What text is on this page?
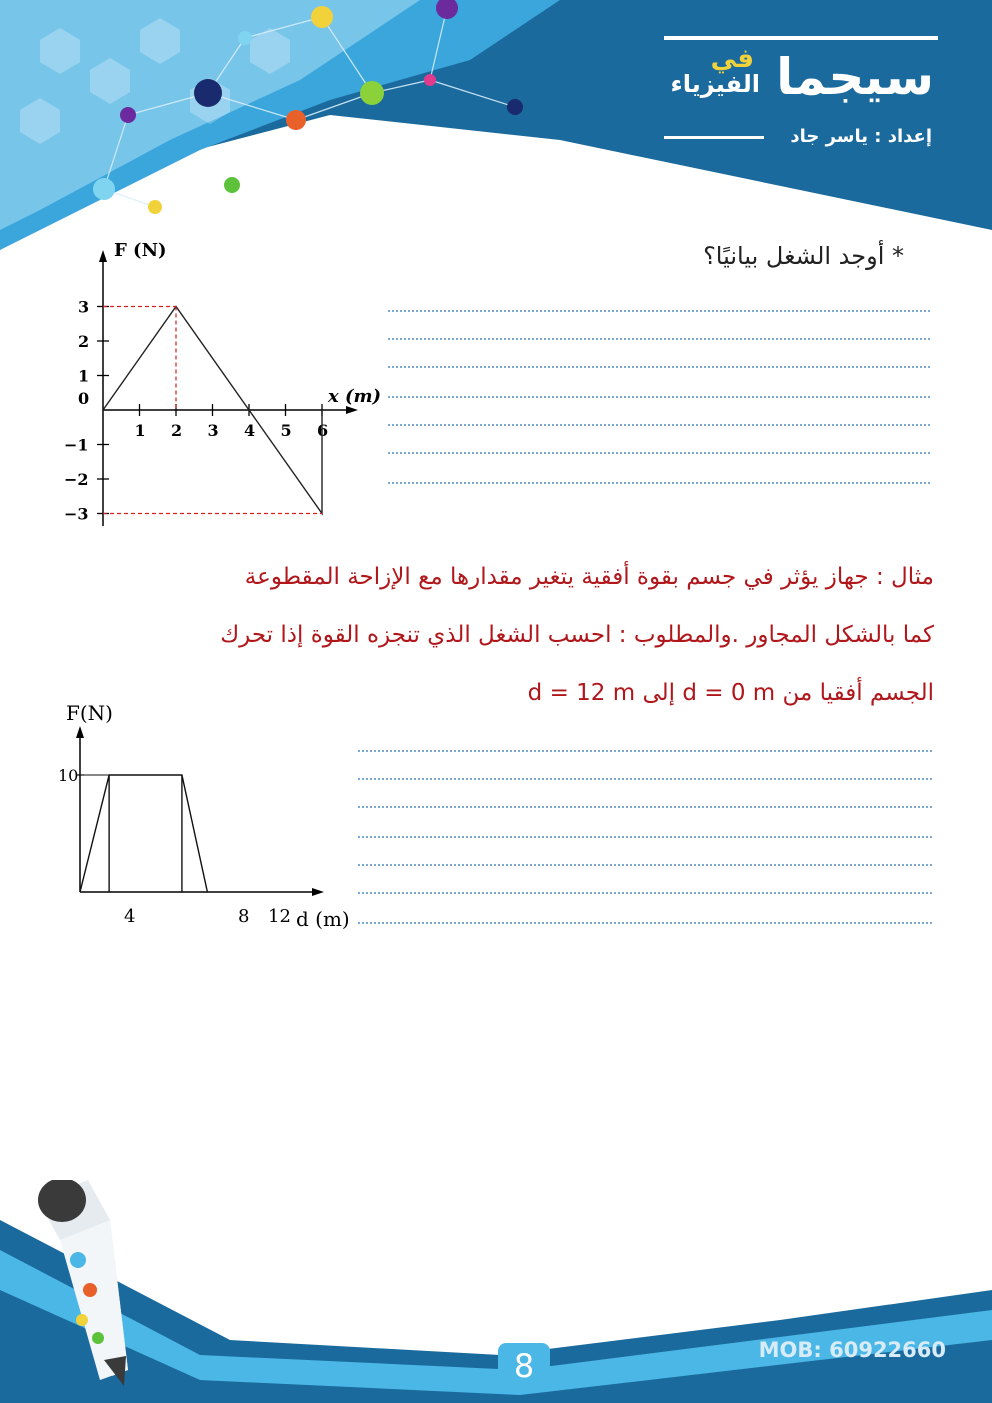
في سيجما
الفيزياء
إعداد : ياسر جاد
* أوجد الشغل بيانيًا؟
F (N)
x (m)
1 2 3 4 5 6
3
2
1
0
−1
−2
−3
مثال : جهاز يؤثر في جسم بقوة أفقية يتغير مقدارها مع الإزاحة المقطوعة
كما بالشكل المجاور .والمطلوب : احسب الشغل الذي تنجزه القوة إذا تحرك
الجسم أفقيا من d = 0 m إلى d = 12 m
F(N)
d (m)
4	8 12
10
MOB: 60922660
8
